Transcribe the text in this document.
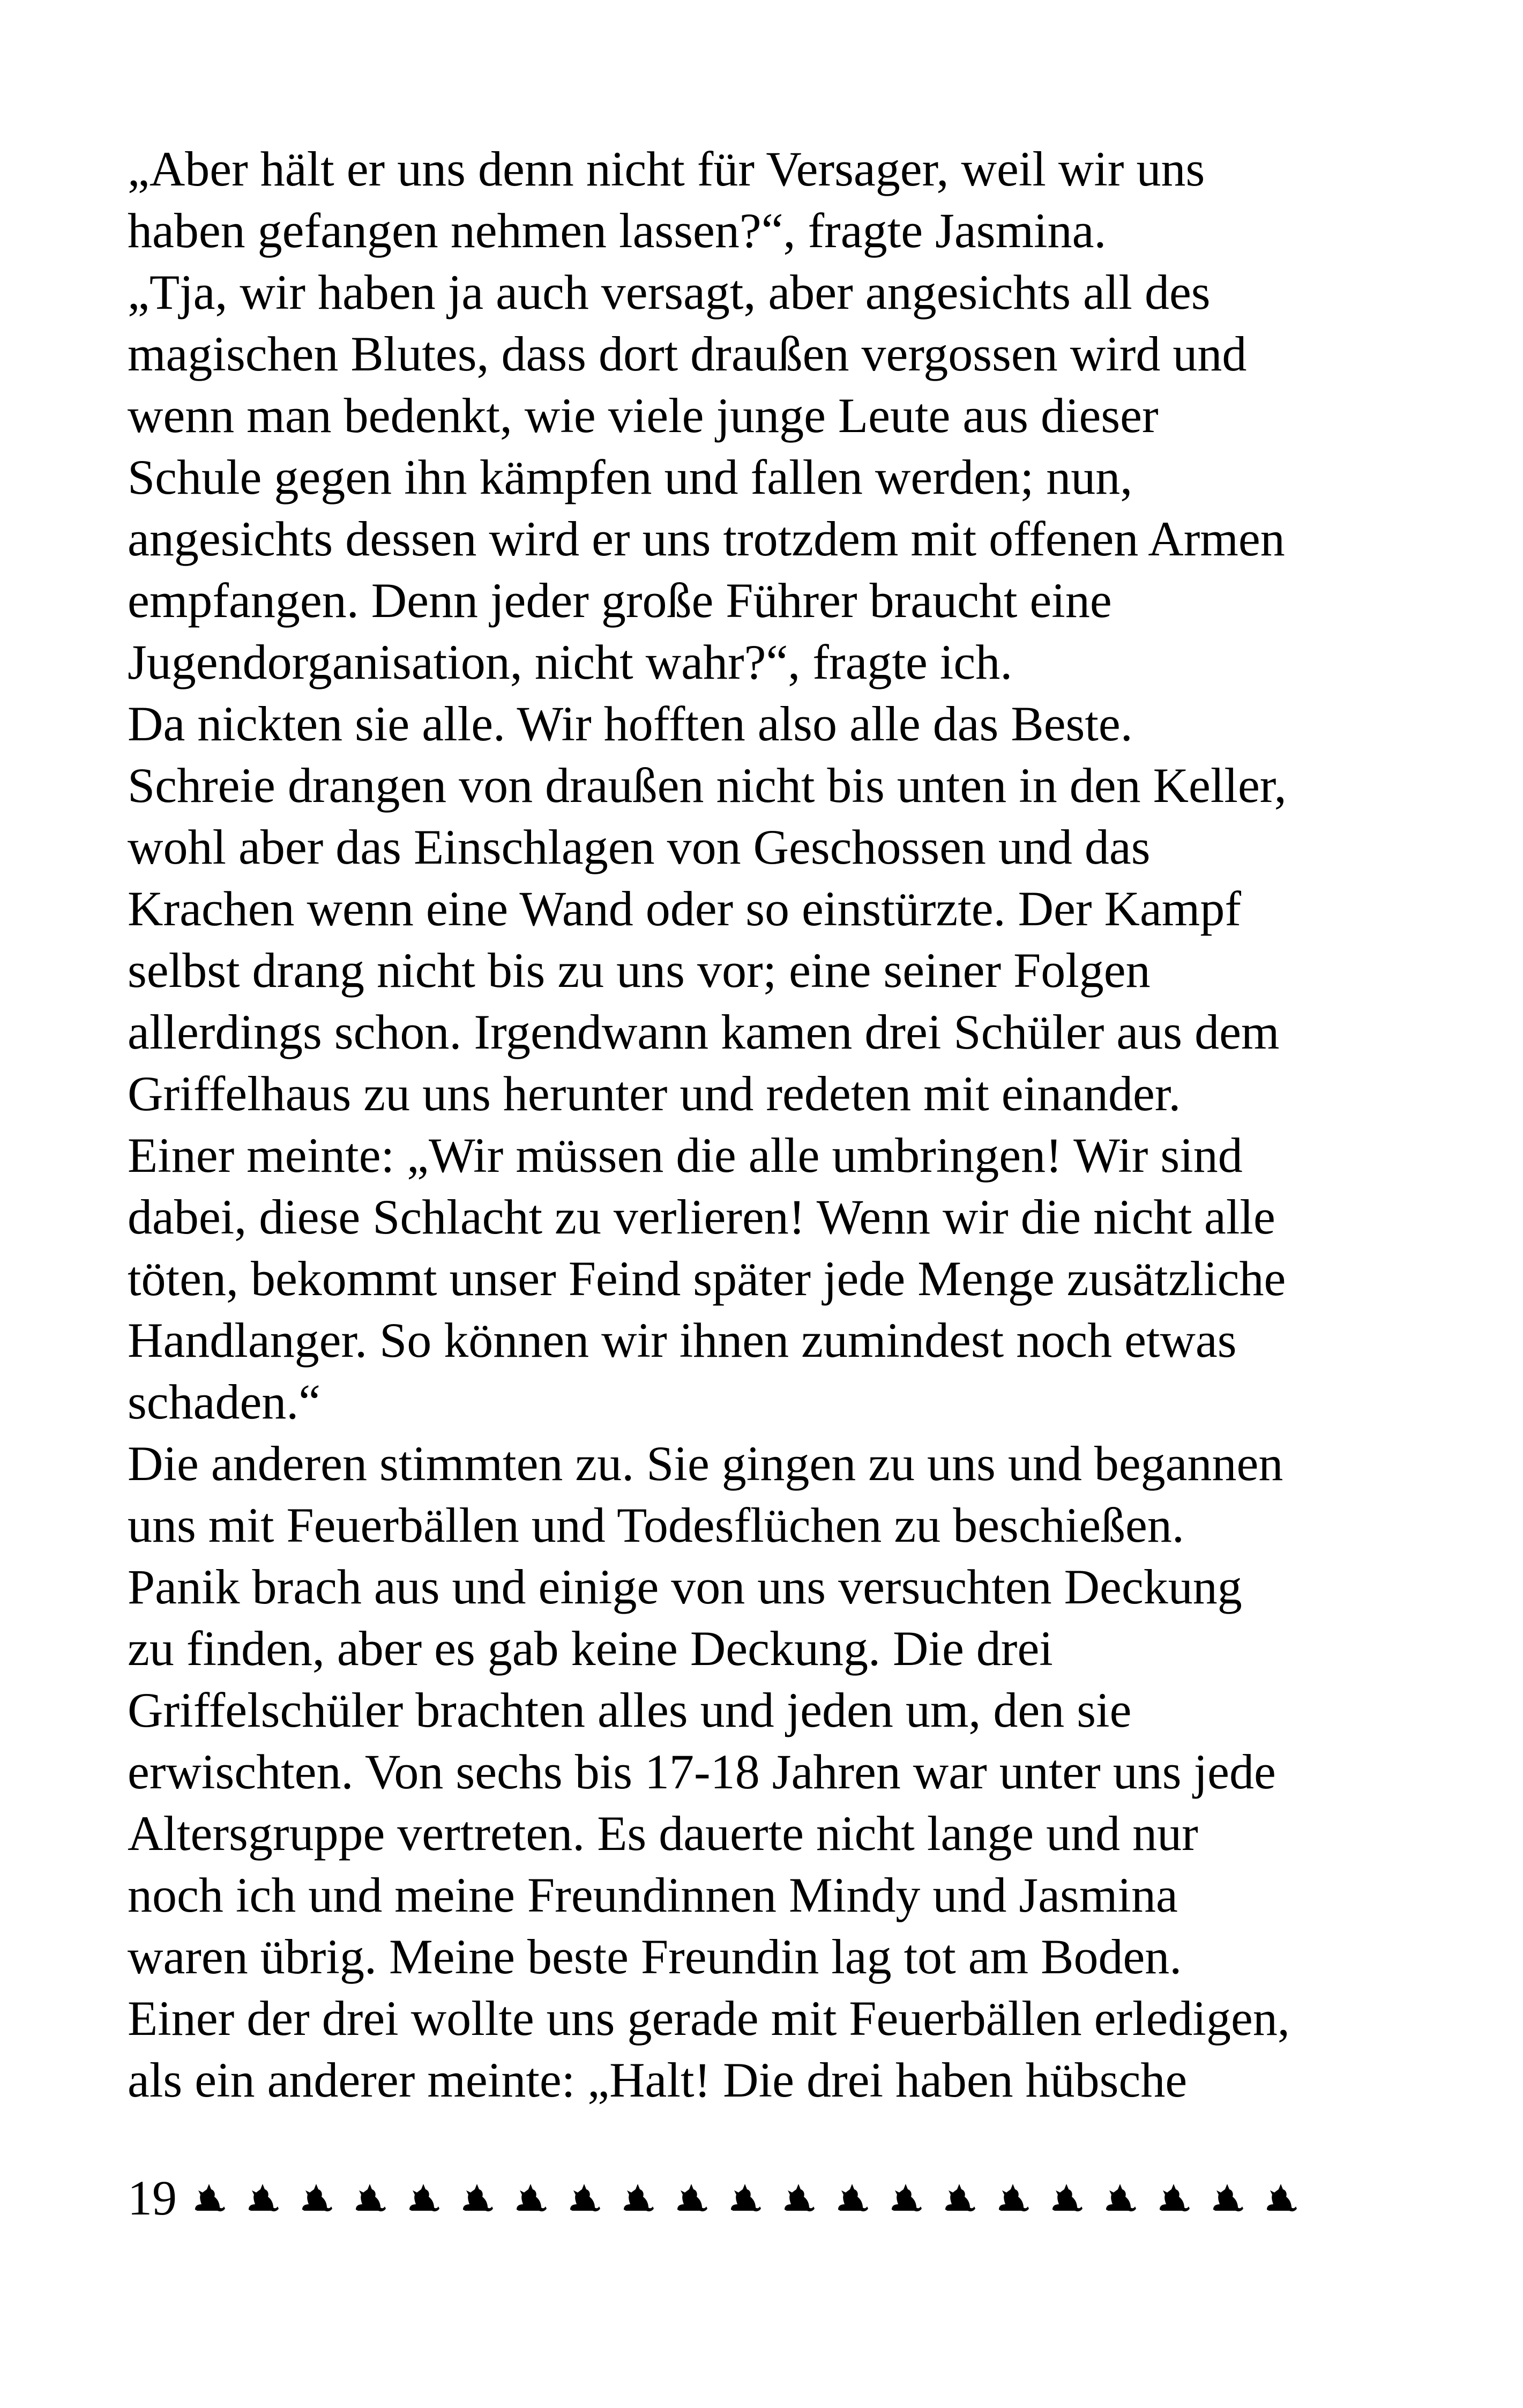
„Aber hält er uns denn nicht für Versager, weil wir uns
haben gefangen nehmen lassen?“, fragte Jasmina.
„Tja, wir haben ja auch versagt, aber angesichts all des
magischen Blutes, dass dort draußen vergossen wird und
wenn man bedenkt, wie viele junge Leute aus dieser
Schule gegen ihn kämpfen und fallen werden; nun,
angesichts dessen wird er uns trotzdem mit offenen Armen
empfangen. Denn jeder große Führer braucht eine
Jugendorganisation, nicht wahr?“, fragte ich.
Da nickten sie alle. Wir hofften also alle das Beste.
Schreie drangen von draußen nicht bis unten in den Keller,
wohl aber das Einschlagen von Geschossen und das
Krachen wenn eine Wand oder so einstürzte. Der Kampf
selbst drang nicht bis zu uns vor; eine seiner Folgen
allerdings schon. Irgendwann kamen drei Schüler aus dem
Griffelhaus zu uns herunter und redeten mit einander.
Einer meinte: „Wir müssen die alle umbringen! Wir sind
dabei, diese Schlacht zu verlieren! Wenn wir die nicht alle
töten, bekommt unser Feind später jede Menge zusätzliche
Handlanger. So können wir ihnen zumindest noch etwas
schaden.“
Die anderen stimmten zu. Sie gingen zu uns und begannen
uns mit Feuerbällen und Todesflüchen zu beschießen.
Panik brach aus und einige von uns versuchten Deckung
zu finden, aber es gab keine Deckung. Die drei
Griffelschüler brachten alles und jeden um, den sie
erwischten. Von sechs bis 17-18 Jahren war unter uns jede
Altersgruppe vertreten. Es dauerte nicht lange und nur
noch ich und meine Freundinnen Mindy und Jasmina
waren übrig. Meine beste Freundin lag tot am Boden.
Einer der drei wollte uns gerade mit Feuerbällen erledigen,
als ein anderer meinte: „Halt! Die drei haben hübsche
19
